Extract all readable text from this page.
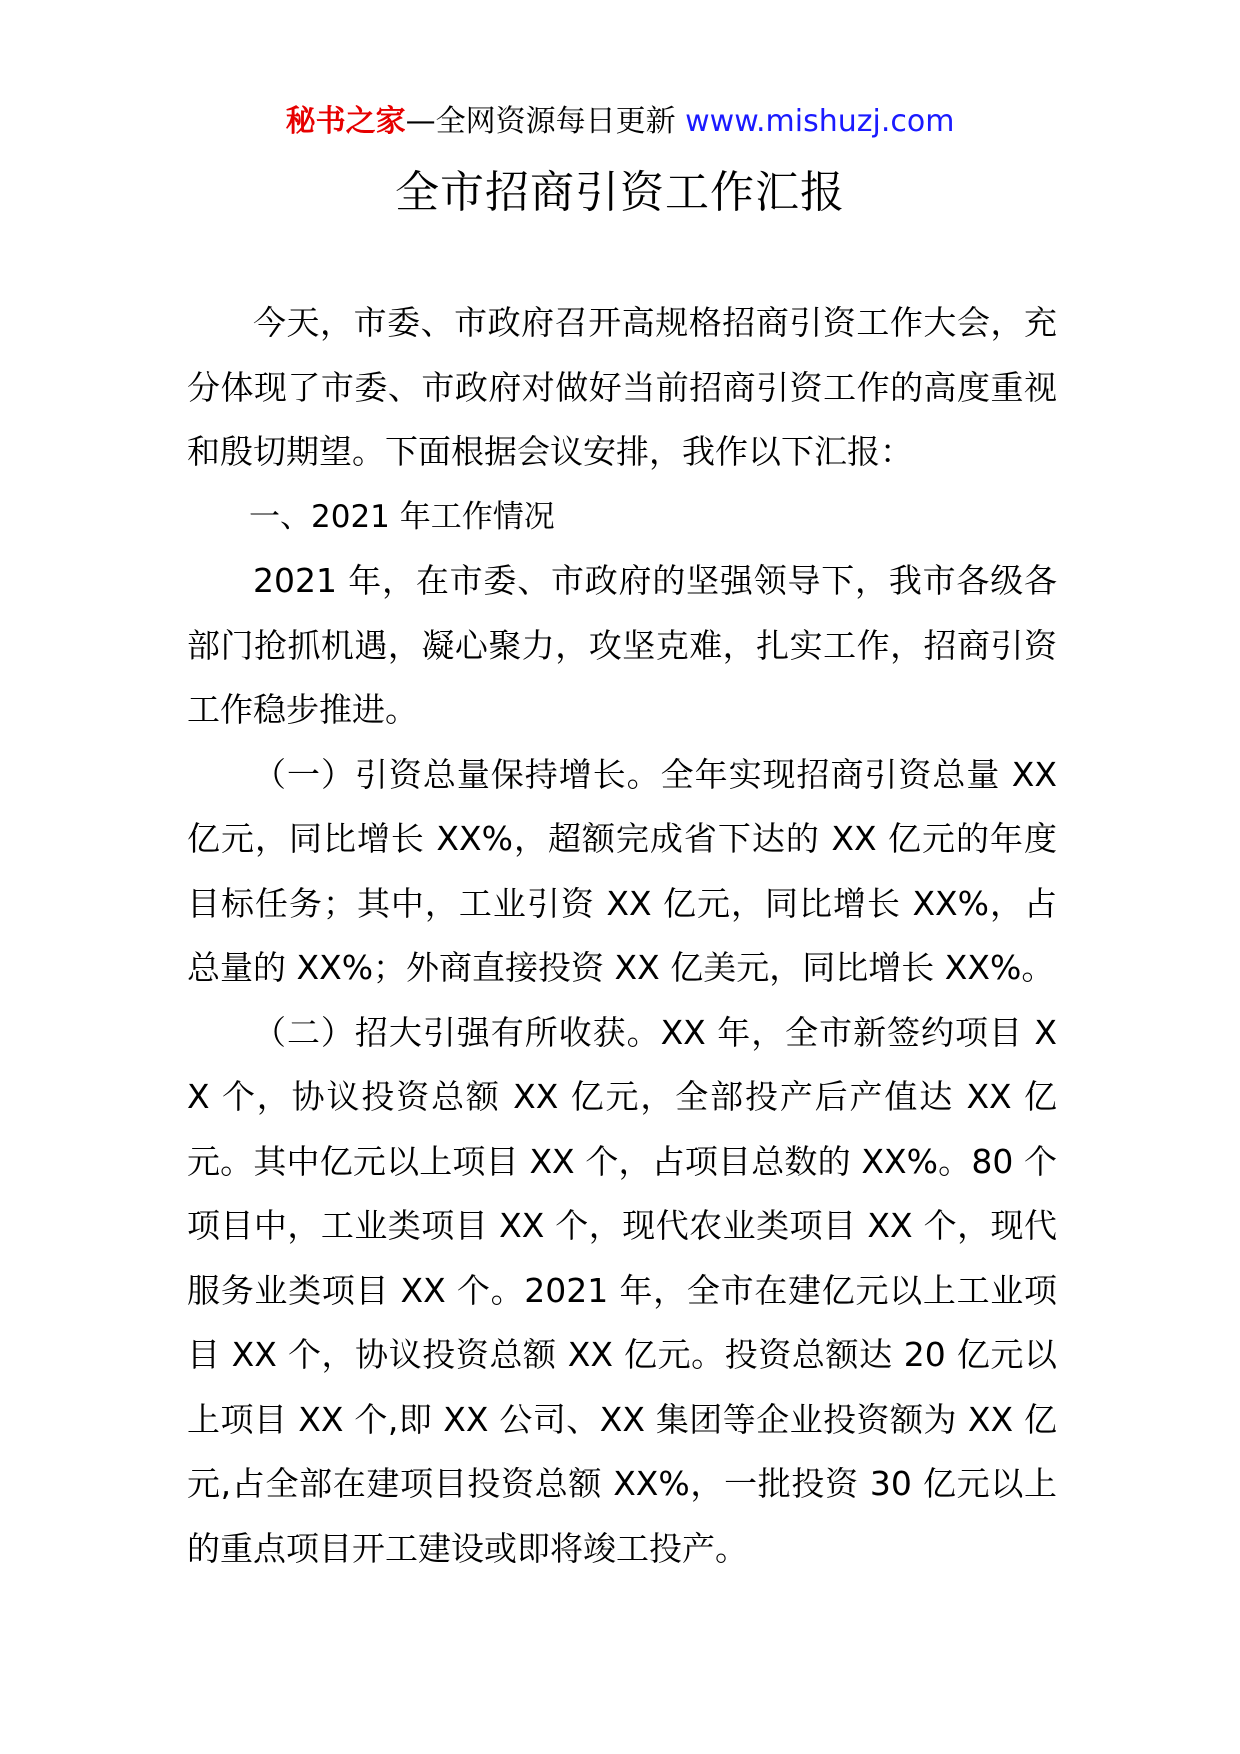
秘书之家—全网资源每日更新 www.mishuzj.com
全市招商引资工作汇报

今天，市委、市政府召开高规格招商引资工作大会，充分体现了市委、市政府对做好当前招商引资工作的高度重视和殷切期望。下面根据会议安排，我作以下汇报：

一、2021 年工作情况

2021 年，在市委、市政府的坚强领导下，我市各级各部门抢抓机遇，凝心聚力，攻坚克难，扎实工作，招商引资工作稳步推进。

（一）引资总量保持增长。全年实现招商引资总量 XX 亿元，同比增长 XX%，超额完成省下达的 XX 亿元的年度目标任务；其中，工业引资 XX 亿元，同比增长 XX%，占总量的 XX%；外商直接投资 XX 亿美元，同比增长 XX%。

（二）招大引强有所收获。XX 年，全市新签约项目 XX 个，协议投资总额 XX 亿元，全部投产后产值达 XX 亿元。其中亿元以上项目 XX 个，占项目总数的 XX%。80 个项目中，工业类项目 XX 个，现代农业类项目 XX 个，现代服务业类项目 XX 个。2021 年，全市在建亿元以上工业项目 XX 个，协议投资总额 XX 亿元。投资总额达 20 亿元以上项目 XX 个,即 XX 公司、XX 集团等企业投资额为 XX 亿元,占全部在建项目投资总额 XX%，一批投资 30 亿元以上的重点项目开工建设或即将竣工投产。
